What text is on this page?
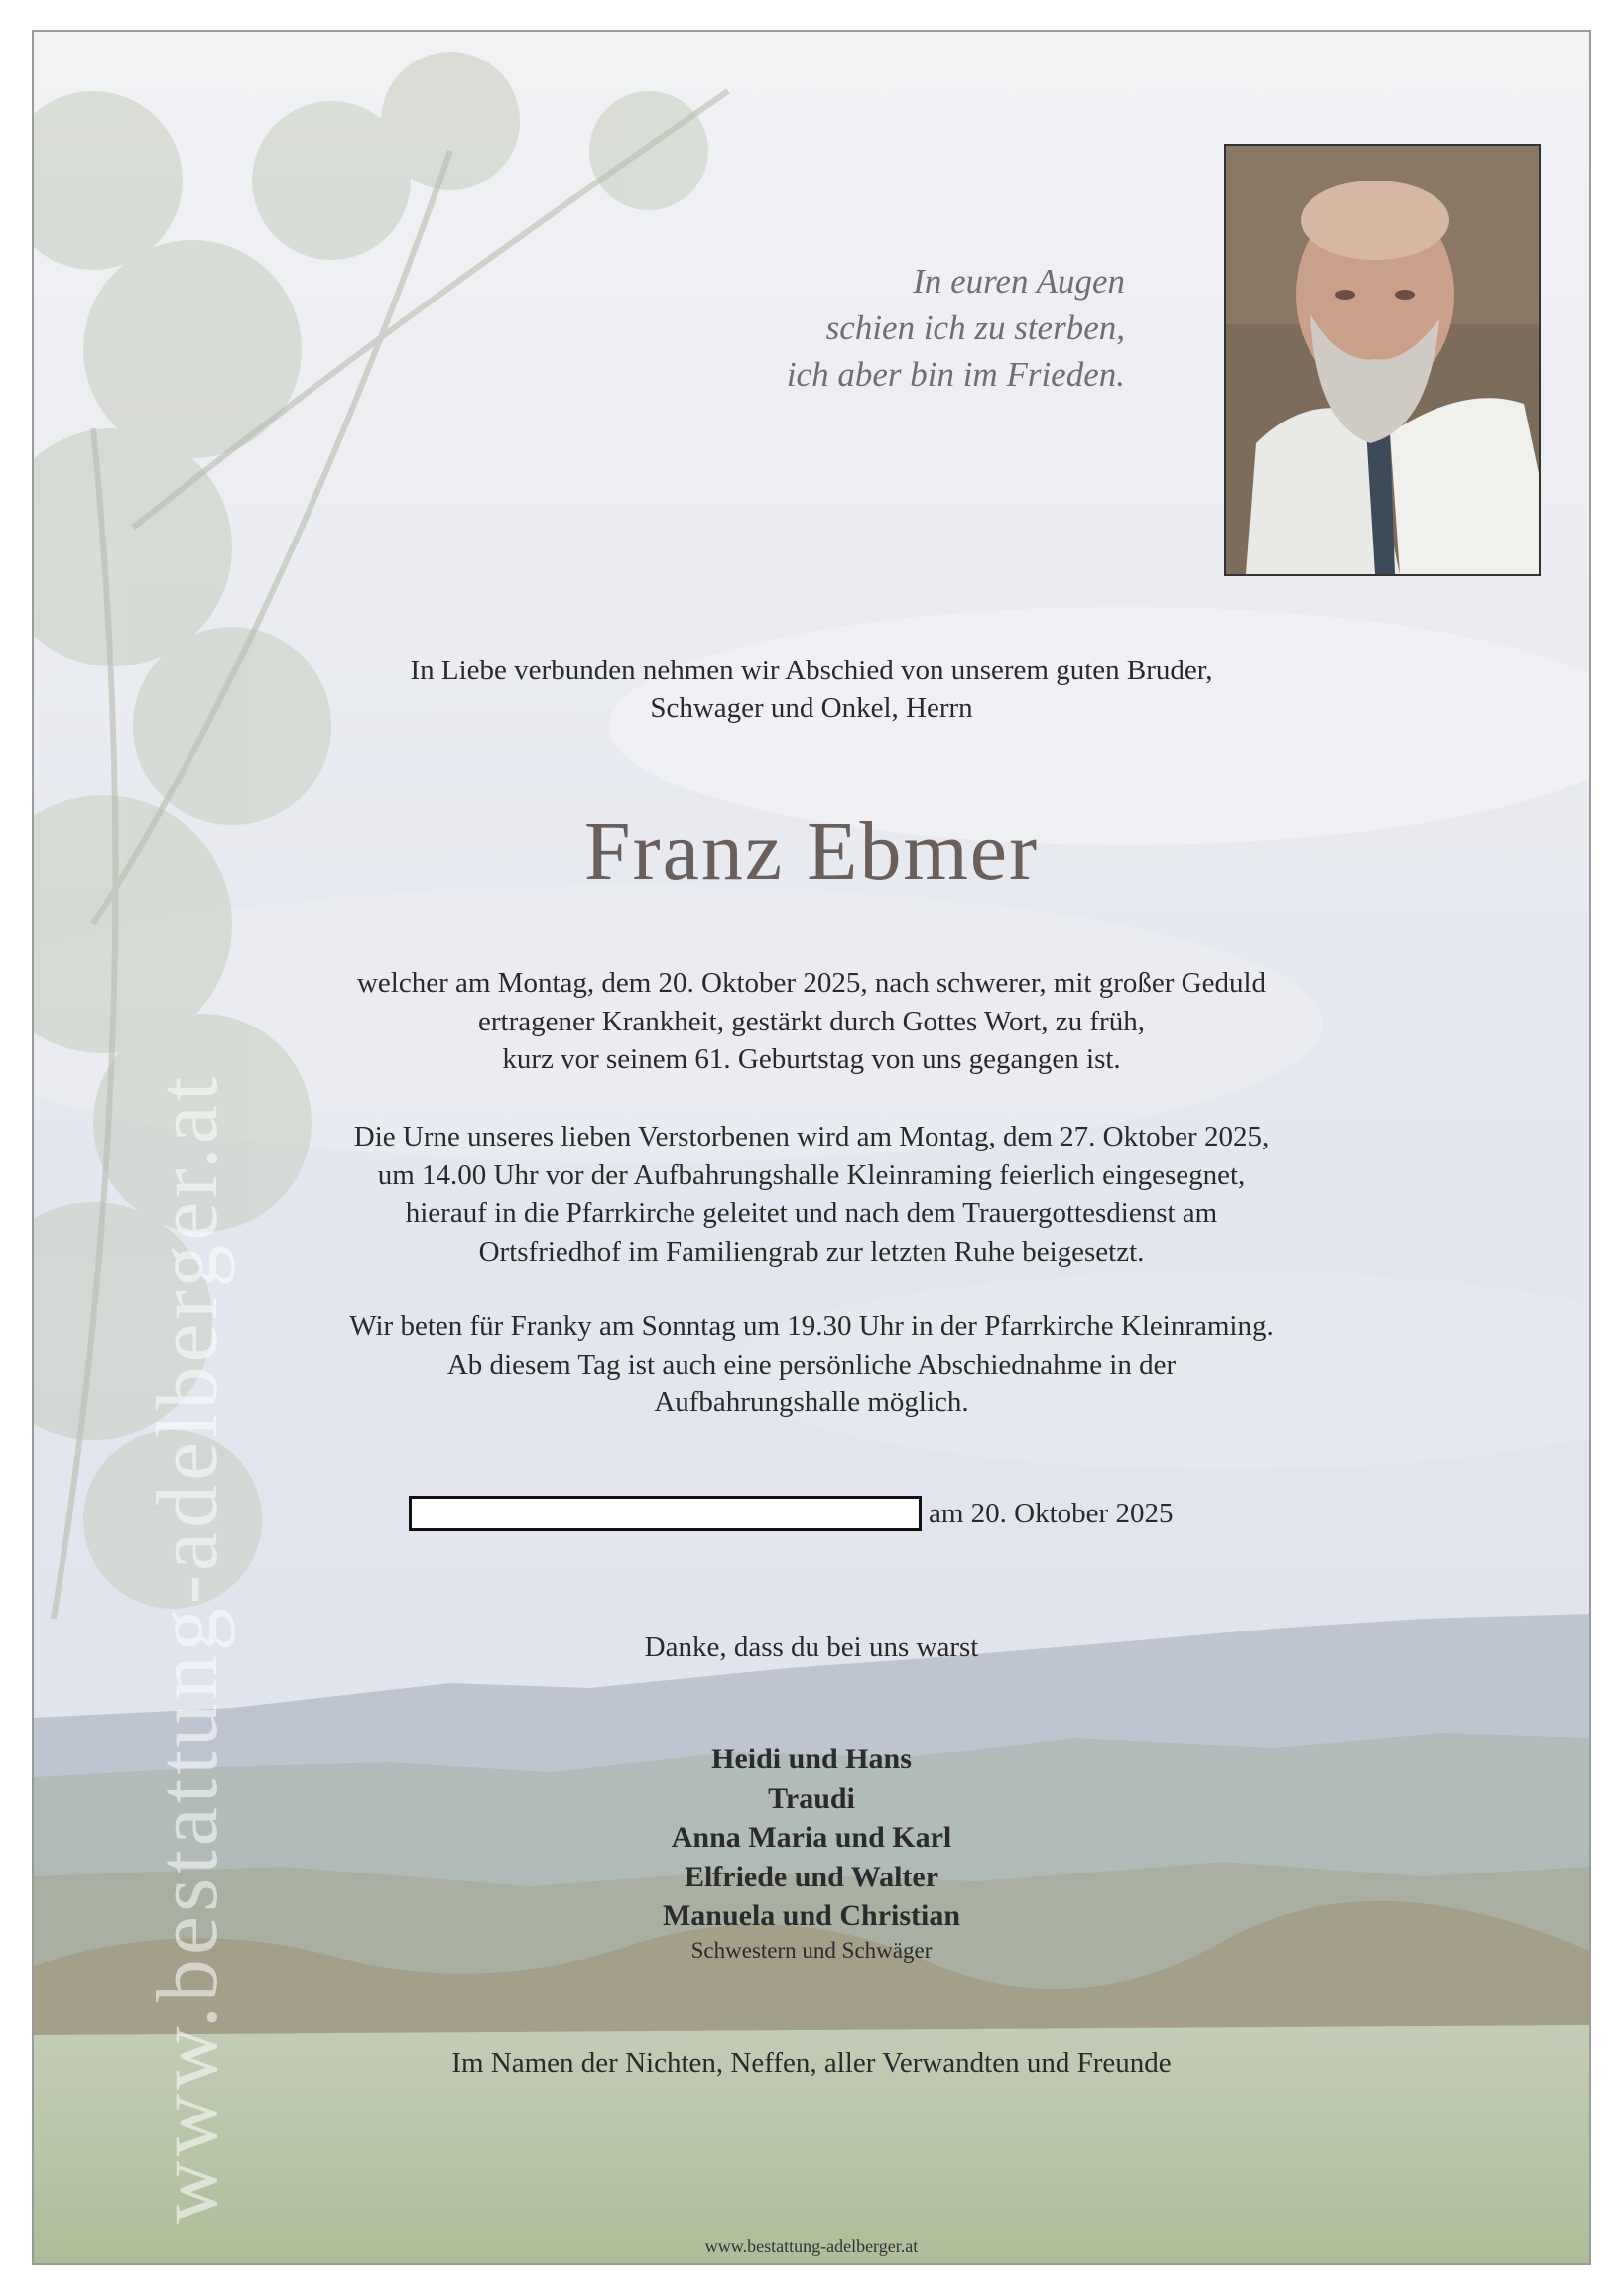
www.bestattung-adelberger.at
In euren Augen
schien ich zu sterben,
ich aber bin im Frieden.
In Liebe verbunden nehmen wir Abschied von unserem guten Bruder,
Schwager und Onkel, Herrn
Franz Ebmer
welcher am Montag, dem 20. Oktober 2025, nach schwerer, mit großer Geduld
ertragener Krankheit, gestärkt durch Gottes Wort, zu früh,
kurz vor seinem 61. Geburtstag von uns gegangen ist.
Die Urne unseres lieben Verstorbenen wird am Montag, dem 27. Oktober 2025,
um 14.00 Uhr vor der Aufbahrungshalle Kleinraming feierlich eingesegnet,
hierauf in die Pfarrkirche geleitet und nach dem Trauergottesdienst am
Ortsfriedhof im Familiengrab zur letzten Ruhe beigesetzt.
Wir beten für Franky am Sonntag um 19.30 Uhr in der Pfarrkirche Kleinraming.
Ab diesem Tag ist auch eine persönliche Abschiednahme in der
Aufbahrungshalle möglich.
am 20. Oktober 2025
Danke, dass du bei uns warst
Heidi und Hans
Traudi
Anna Maria und Karl
Elfriede und Walter
Manuela und Christian
Schwestern und Schwäger
Im Namen der Nichten, Neffen, aller Verwandten und Freunde
www.bestattung-adelberger.at
